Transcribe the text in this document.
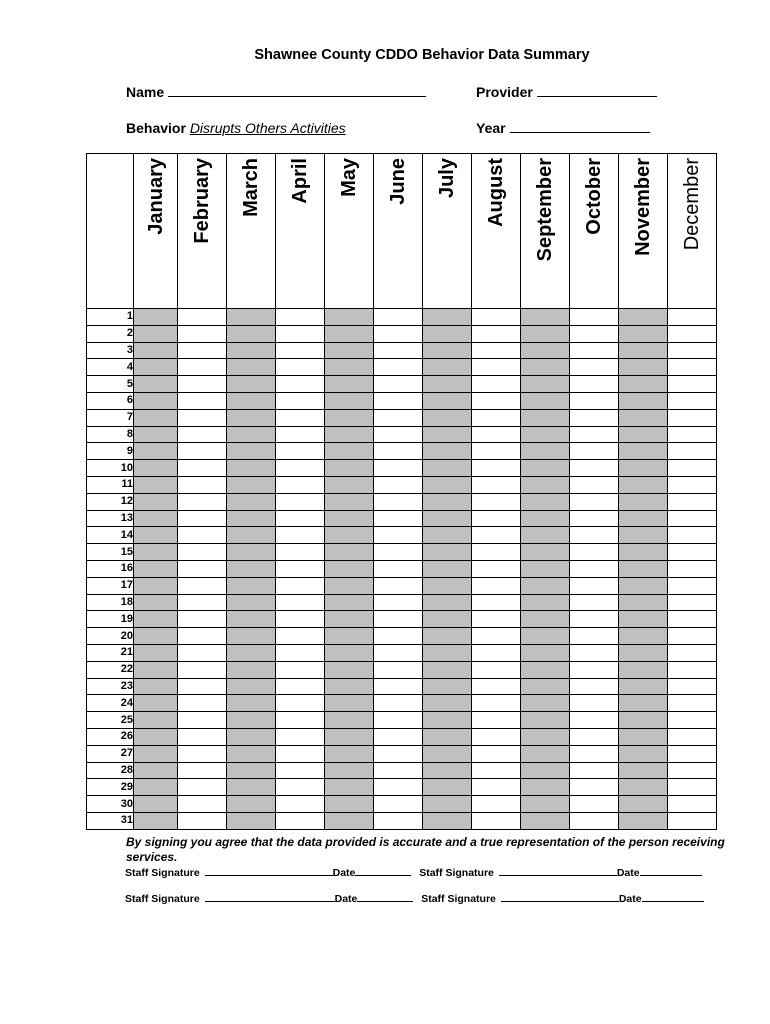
Shawnee County CDDO Behavior Data Summary
Name	Provider
Behavior Disrupts Others Activities	Year

	January	February	March	April	May	June	July	August	September	October	November	December

1												
2												
3												
4												
5												
6												
7												
8												
9												
10												
11												
12												
13												
14												
15												
16												
17												
18												
19												
20												
21												
22												
23												
24												
25												
26												
27												
28												
29												
30												
31												
By signing you agree that the data provided is accurate and a true representation of the person receiving services.
Staff Signature	Date	Staff Signature	Date
Staff Signature	Date	Staff Signature	Date
